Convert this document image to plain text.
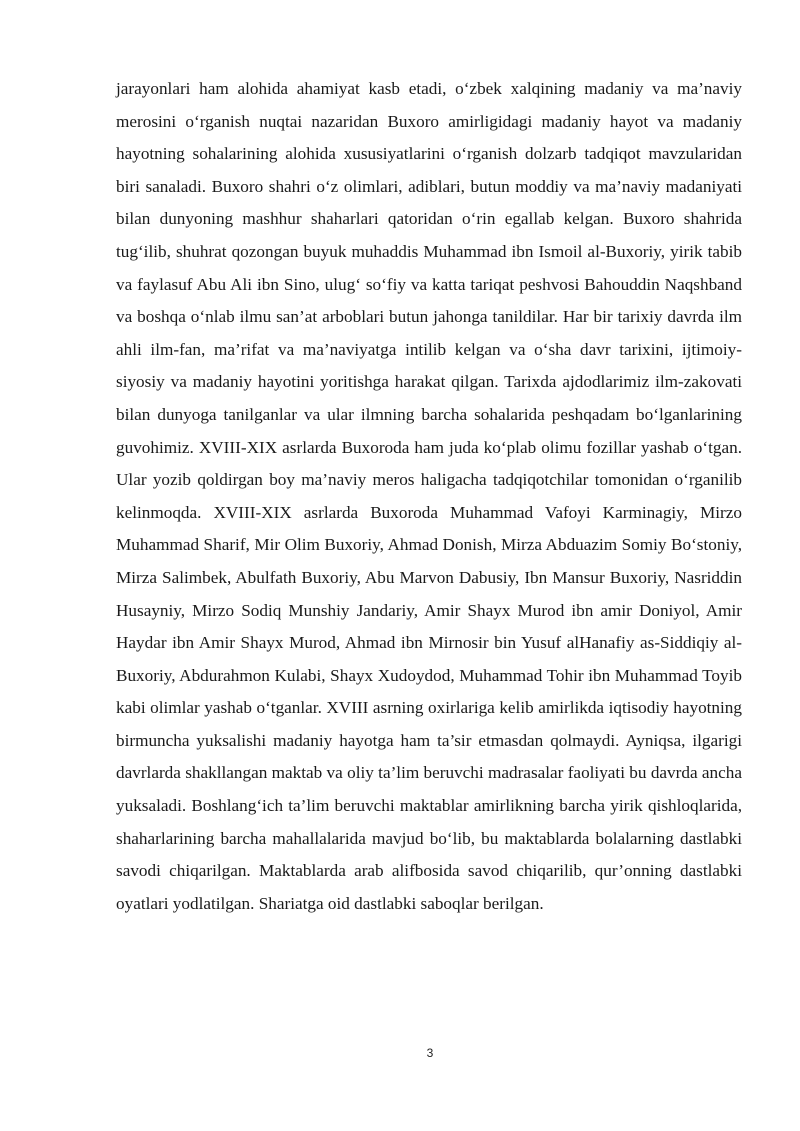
jarayonlari ham alohida ahamiyat kasb etadi, o‘zbek xalqining madaniy va ma’naviy merosini o‘rganish nuqtai nazaridan Buxoro amirligidagi madaniy hayot va madaniy hayotning sohalarining alohida xususiyatlarini o‘rganish dolzarb tadqiqot mavzularidan biri sanaladi. Buxoro shahri o‘z olimlari, adiblari, butun moddiy va ma’naviy madaniyati bilan dunyoning mashhur shaharlari qatoridan o‘rin egallab kelgan. Buxoro shahrida tug‘ilib, shuhrat qozongan buyuk muhaddis Muhammad ibn Ismoil al-Buxoriy, yirik tabib va faylasuf Abu Ali ibn Sino, ulug‘ so‘fiy va katta tariqat peshvosi Bahouddin Naqshband va boshqa o‘nlab ilmu san’at arboblari butun jahonga tanildilar. Har bir tarixiy davrda ilm ahli ilm-fan, ma’rifat va ma’naviyatga intilib kelgan va o‘sha davr tarixini, ijtimoiy-siyosiy va madaniy hayotini yoritishga harakat qilgan. Tarixda ajdodlarimiz ilm-zakovati bilan dunyoga tanilganlar va ular ilmning barcha sohalarida peshqadam bo‘lganlarining guvohimiz. XVIII-XIX asrlarda Buxoroda ham juda ko‘plab olimu fozillar yashab o‘tgan. Ular yozib qoldirgan boy ma’naviy meros haligacha tadqiqotchilar tomonidan o‘rganilib kelinmoqda. XVIII-XIX asrlarda Buxoroda Muhammad Vafoyi Karminagiy, Mirzo Muhammad Sharif, Mir Olim Buxoriy, Ahmad Donish, Mirza Abduazim Somiy Bo‘stoniy, Mirza Salimbek, Abulfath Buxoriy, Abu Marvon Dabusiy, Ibn Mansur Buxoriy, Nasriddin Husayniy, Mirzo Sodiq Munshiy Jandariy, Amir Shayx Murod ibn amir Doniyol, Amir Haydar ibn Amir Shayx Murod, Ahmad ibn Mirnosir bin Yusuf alHanafiy as-Siddiqiy al-Buxoriy, Abdurahmon Kulabi, Shayx Xudoydod, Muhammad Tohir ibn Muhammad Toyib kabi olimlar yashab o‘tganlar. XVIII asrning oxirlariga kelib amirlikda iqtisodiy hayotning birmuncha yuksalishi madaniy hayotga ham ta’sir etmasdan qolmaydi. Ayniqsa, ilgarigi davrlarda shakllangan maktab va oliy ta’lim beruvchi madrasalar faoliyati bu davrda ancha yuksaladi. Boshlang‘ich ta’lim beruvchi maktablar amirlikning barcha yirik qishloqlarida, shaharlarining barcha mahallalarida mavjud bo‘lib, bu maktablarda bolalarning dastlabki savodi chiqarilgan. Maktablarda arab alifbosida savod chiqarilib, qur’onning dastlabki oyatlari yodlatilgan. Shariatga oid dastlabki saboqlar berilgan.

3
